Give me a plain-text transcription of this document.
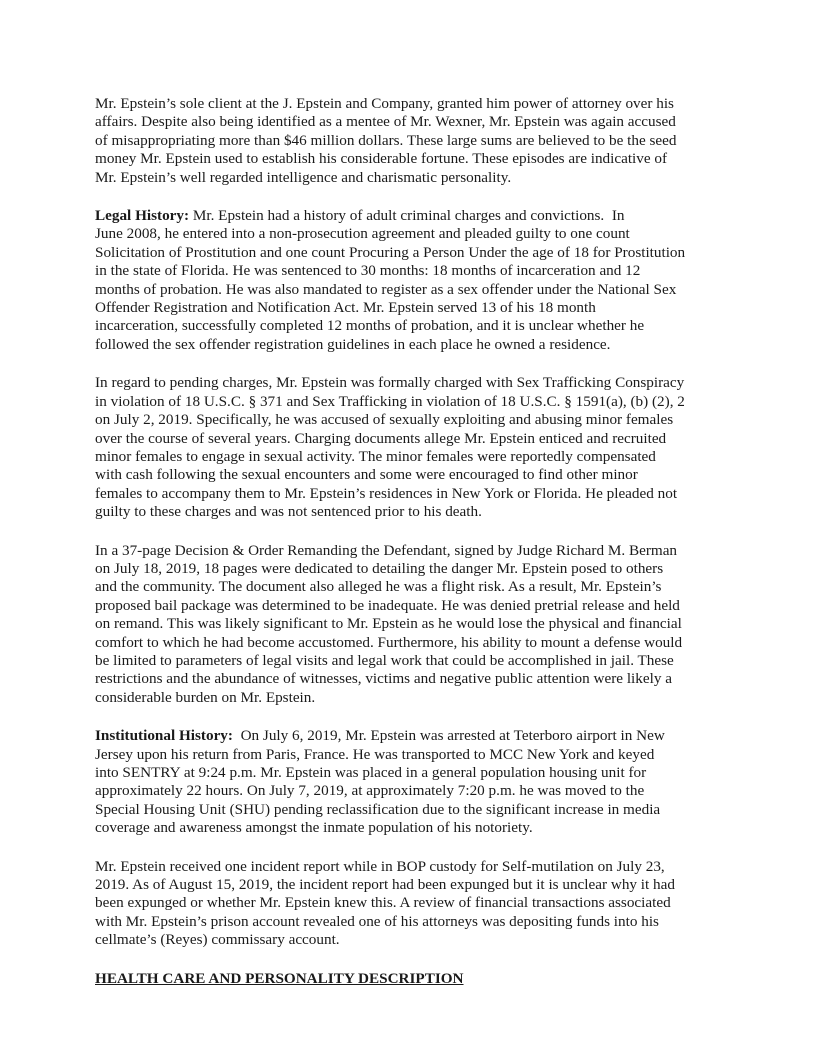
Mr. Epstein’s sole client at the J. Epstein and Company, granted him power of attorney over his
affairs. Despite also being identified as a mentee of Mr. Wexner, Mr. Epstein was again accused
of misappropriating more than $46 million dollars. These large sums are believed to be the seed
money Mr. Epstein used to establish his considerable fortune. These episodes are indicative of
Mr. Epstein’s well regarded intelligence and charismatic personality.
Legal History: Mr. Epstein had a history of adult criminal charges and convictions.  In
June 2008, he entered into a non-prosecution agreement and pleaded guilty to one count
Solicitation of Prostitution and one count Procuring a Person Under the age of 18 for Prostitution
in the state of Florida. He was sentenced to 30 months: 18 months of incarceration and 12
months of probation. He was also mandated to register as a sex offender under the National Sex
Offender Registration and Notification Act. Mr. Epstein served 13 of his 18 month
incarceration, successfully completed 12 months of probation, and it is unclear whether he
followed the sex offender registration guidelines in each place he owned a residence.
In regard to pending charges, Mr. Epstein was formally charged with Sex Trafficking Conspiracy
in violation of 18 U.S.C. § 371 and Sex Trafficking in violation of 18 U.S.C. § 1591(a), (b) (2), 2
on July 2, 2019. Specifically, he was accused of sexually exploiting and abusing minor females
over the course of several years. Charging documents allege Mr. Epstein enticed and recruited
minor females to engage in sexual activity. The minor females were reportedly compensated
with cash following the sexual encounters and some were encouraged to find other minor
females to accompany them to Mr. Epstein’s residences in New York or Florida. He pleaded not
guilty to these charges and was not sentenced prior to his death.
In a 37-page Decision & Order Remanding the Defendant, signed by Judge Richard M. Berman
on July 18, 2019, 18 pages were dedicated to detailing the danger Mr. Epstein posed to others
and the community. The document also alleged he was a flight risk. As a result, Mr. Epstein’s
proposed bail package was determined to be inadequate. He was denied pretrial release and held
on remand. This was likely significant to Mr. Epstein as he would lose the physical and financial
comfort to which he had become accustomed. Furthermore, his ability to mount a defense would
be limited to parameters of legal visits and legal work that could be accomplished in jail. These
restrictions and the abundance of witnesses, victims and negative public attention were likely a
considerable burden on Mr. Epstein.
Institutional History:  On July 6, 2019, Mr. Epstein was arrested at Teterboro airport in New
Jersey upon his return from Paris, France. He was transported to MCC New York and keyed
into SENTRY at 9:24 p.m. Mr. Epstein was placed in a general population housing unit for
approximately 22 hours. On July 7, 2019, at approximately 7:20 p.m. he was moved to the
Special Housing Unit (SHU) pending reclassification due to the significant increase in media
coverage and awareness amongst the inmate population of his notoriety.
Mr. Epstein received one incident report while in BOP custody for Self-mutilation on July 23,
2019. As of August 15, 2019, the incident report had been expunged but it is unclear why it had
been expunged or whether Mr. Epstein knew this. A review of financial transactions associated
with Mr. Epstein’s prison account revealed one of his attorneys was depositing funds into his
cellmate’s (Reyes) commissary account.
HEALTH CARE AND PERSONALITY DESCRIPTION
